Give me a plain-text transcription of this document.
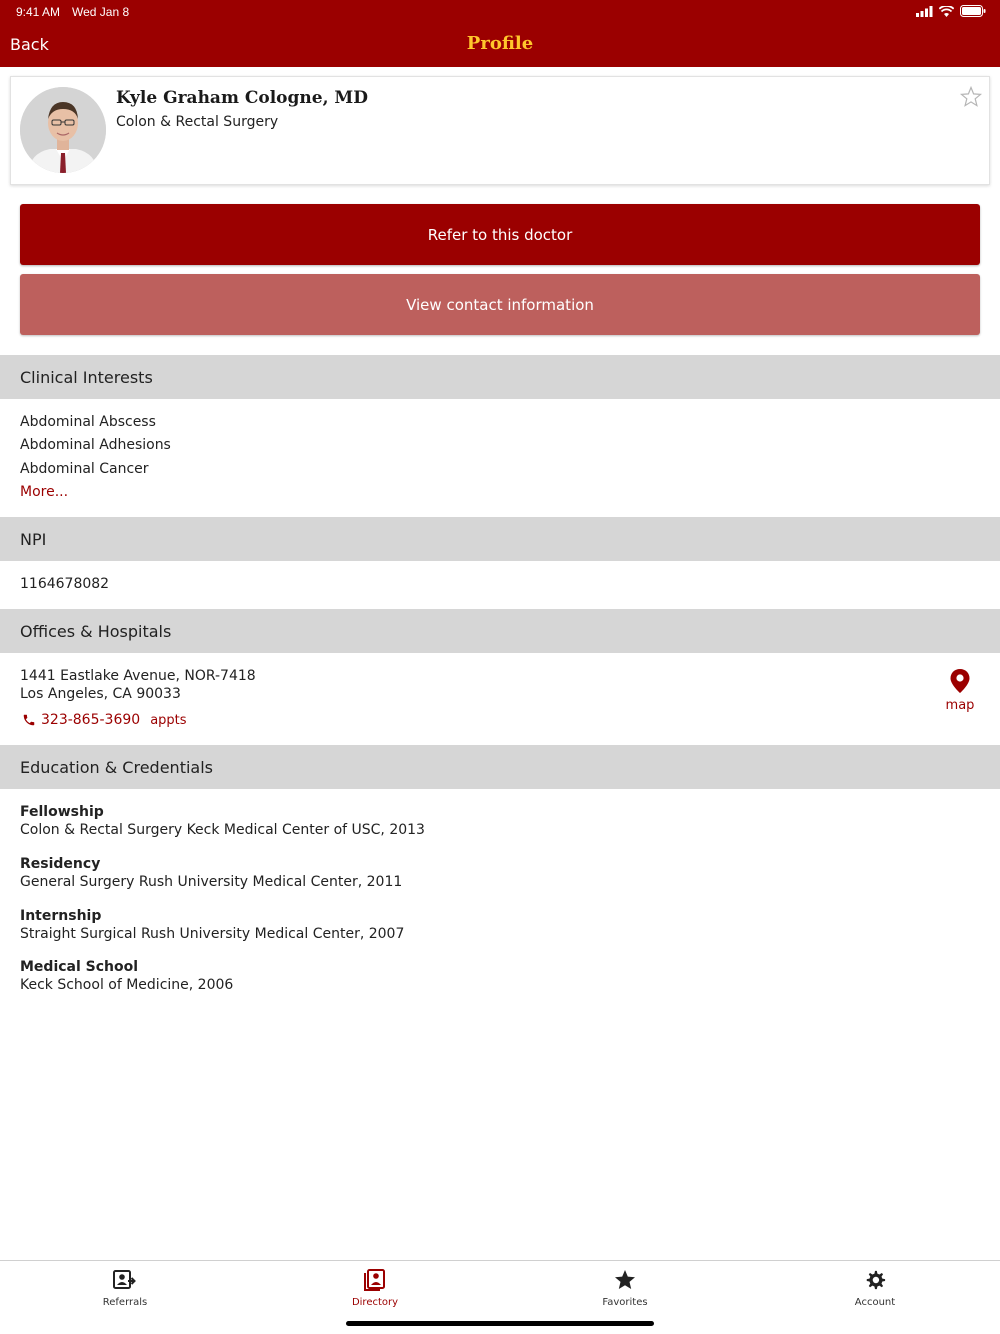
9:41 AM Wed Jan 8
Back	Profile
Kyle Graham Cologne, MD
Colon & Rectal Surgery
Refer to this doctor
View contact information
Clinical Interests
Abdominal Abscess
Abdominal Adhesions
Abdominal Cancer
More...
NPI
1164678082
Offices & Hospitals
1441 Eastlake Avenue, NOR-7418
Los Angeles, CA 90033
323-865-3690 appts
map
Education & Credentials
Fellowship
Colon & Rectal Surgery Keck Medical Center of USC, 2013
Residency
General Surgery Rush University Medical Center, 2011
Internship
Straight Surgical Rush University Medical Center, 2007
Medical School
Keck School of Medicine, 2006
Referrals	Directory	Favorites	Account
